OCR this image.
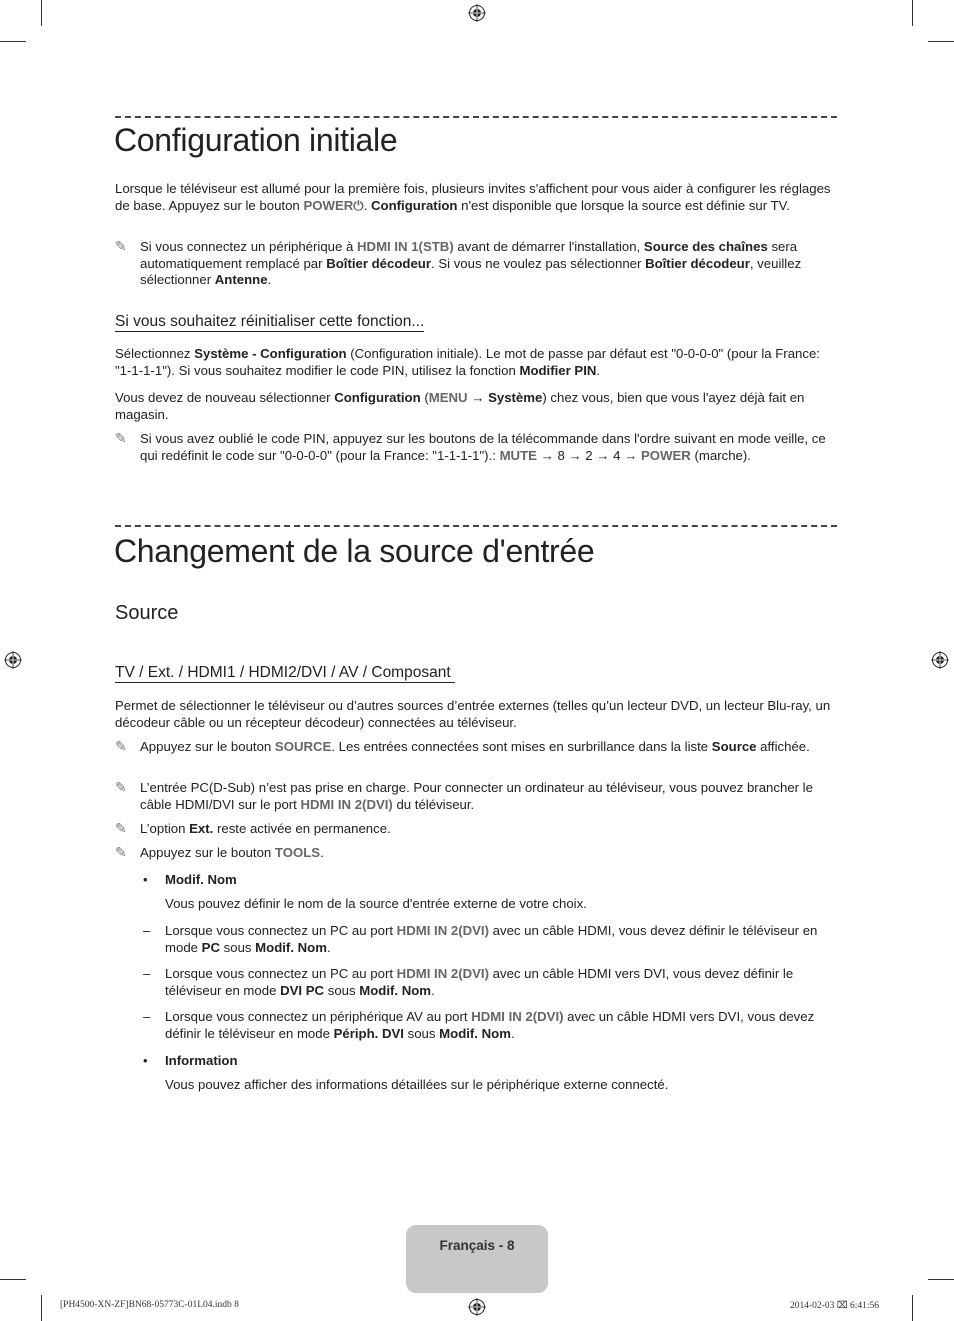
Configuration initiale

Lorsque le téléviseur est allumé pour la première fois, plusieurs invites s'affichent pour vous aider à configurer les réglages de base. Appuyez sur le bouton POWER⏻. Configuration n'est disponible que lorsque la source est définie sur TV.

✎ Si vous connectez un périphérique à HDMI IN 1(STB) avant de démarrer l'installation, Source des chaînes sera automatiquement remplacé par Boîtier décodeur. Si vous ne voulez pas sélectionner Boîtier décodeur, veuillez sélectionner Antenne.

Si vous souhaitez réinitialiser cette fonction...

Sélectionnez Système - Configuration (Configuration initiale). Le mot de passe par défaut est "0-0-0-0" (pour la France: "1-1-1-1"). Si vous souhaitez modifier le code PIN, utilisez la fonction Modifier PIN.

Vous devez de nouveau sélectionner Configuration (MENU → Système) chez vous, bien que vous l'ayez déjà fait en magasin.

✎ Si vous avez oublié le code PIN, appuyez sur les boutons de la télécommande dans l'ordre suivant en mode veille, ce qui redéfinit le code sur "0-0-0-0" (pour la France: "1-1-1-1").: MUTE → 8 → 2 → 4 → POWER (marche).

Changement de la source d'entrée

Source

TV / Ext. / HDMI1 / HDMI2/DVI / AV / Composant

Permet de sélectionner le téléviseur ou d’autres sources d’entrée externes (telles qu’un lecteur DVD, un lecteur Blu-ray, un décodeur câble ou un récepteur décodeur) connectées au téléviseur.

✎ Appuyez sur le bouton SOURCE. Les entrées connectées sont mises en surbrillance dans la liste Source affichée.

✎ L’entrée PC(D-Sub) n’est pas prise en charge. Pour connecter un ordinateur au téléviseur, vous pouvez brancher le câble HDMI/DVI sur le port HDMI IN 2(DVI) du téléviseur.

✎ L’option Ext. reste activée en permanence.

✎ Appuyez sur le bouton TOOLS.

• Modif. Nom

Vous pouvez définir le nom de la source d'entrée externe de votre choix.

– Lorsque vous connectez un PC au port HDMI IN 2(DVI) avec un câble HDMI, vous devez définir le téléviseur en mode PC sous Modif. Nom.

– Lorsque vous connectez un PC au port HDMI IN 2(DVI) avec un câble HDMI vers DVI, vous devez définir le téléviseur en mode DVI PC sous Modif. Nom.

– Lorsque vous connectez un périphérique AV au port HDMI IN 2(DVI) avec un câble HDMI vers DVI, vous devez définir le téléviseur en mode Périph. DVI sous Modif. Nom.

• Information

Vous pouvez afficher des informations détaillées sur le périphérique externe connecté.

Français - 8
[PH4500-XN-ZF]BN68-05773C-01L04.indb 8	2014-02-03 ⌧ 6:41:56
